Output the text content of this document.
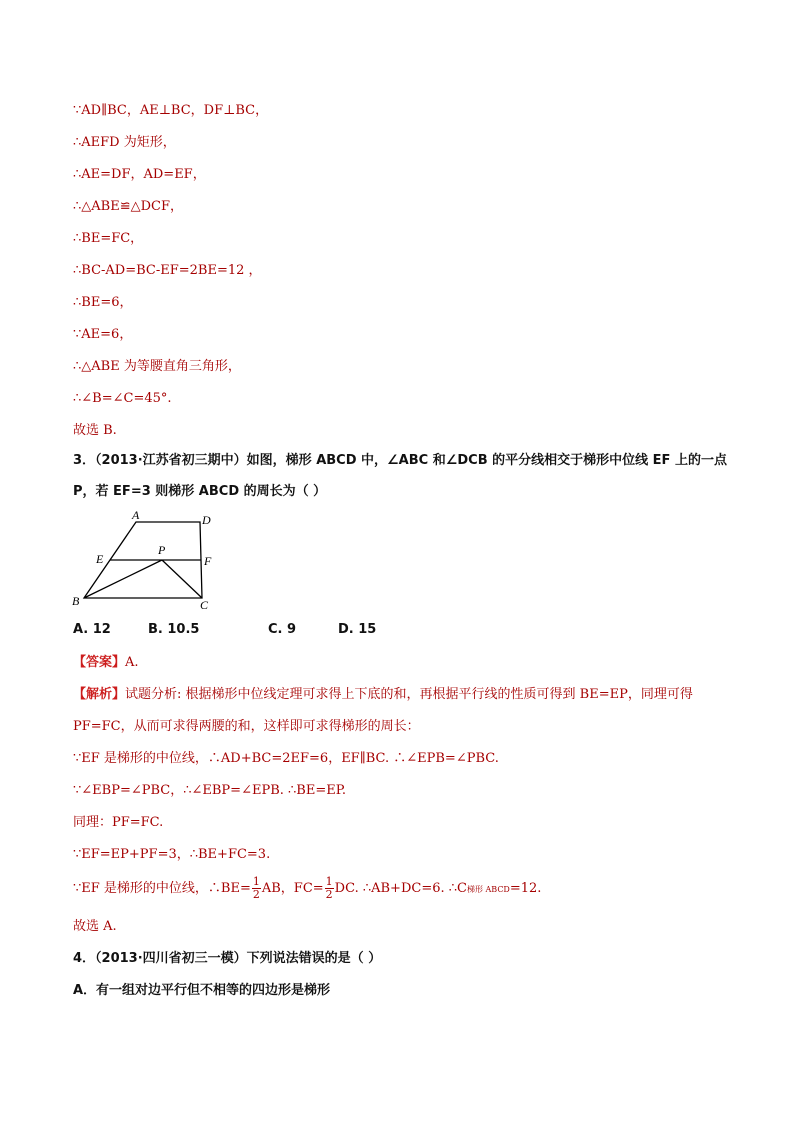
∵AD∥BC，AE⊥BC，DF⊥BC，
∴AEFD 为矩形，
∴AE=DF，AD=EF，
∴△ABE≌△DCF，
∴BE=FC，
∴BC-AD=BC-EF=2BE=12 ，
∴BE=6，
∵AE=6，
∴△ABE 为等腰直角三角形，
∴∠B=∠C=45°.
故选 B.
3．（2013·江苏省初三期中）如图，梯形 ABCD 中，∠ABC 和∠DCB 的平分线相交于梯形中位线 EF 上的一点
P，若 EF=3 则梯形 ABCD 的周长为（ ）
A	D
E
P
F
B	C
A. 12	B. 10.5	C. 9	D. 15
【答案】A.
【解析】试题分析: 根据梯形中位线定理可求得上下底的和，再根据平行线的性质可得到 BE=EP，同理可得
PF=FC，从而可求得两腰的和，这样即可求得梯形的周长：
∵EF 是梯形的中位线，∴AD+BC=2EF=6，EF∥BC. ∴∠EPB=∠PBC.
∵∠EBP=∠PBC，∴∠EBP=∠EPB. ∴BE=EP.
同理：PF=FC.
∵EF=EP+PF=3，∴BE+FC=3.
∵EF 是梯形的中位线，∴BE= $\frac{1}{2}$ AB，$FC= \frac{1}{2}$ DC. ∴AB+DC=6. ∴C梯形 ABCD=12.
故选 A.
4．（2013·四川省初三一模）下列说法错误的是（ ）
A．有一组对边平行但不相等的四边形是梯形
